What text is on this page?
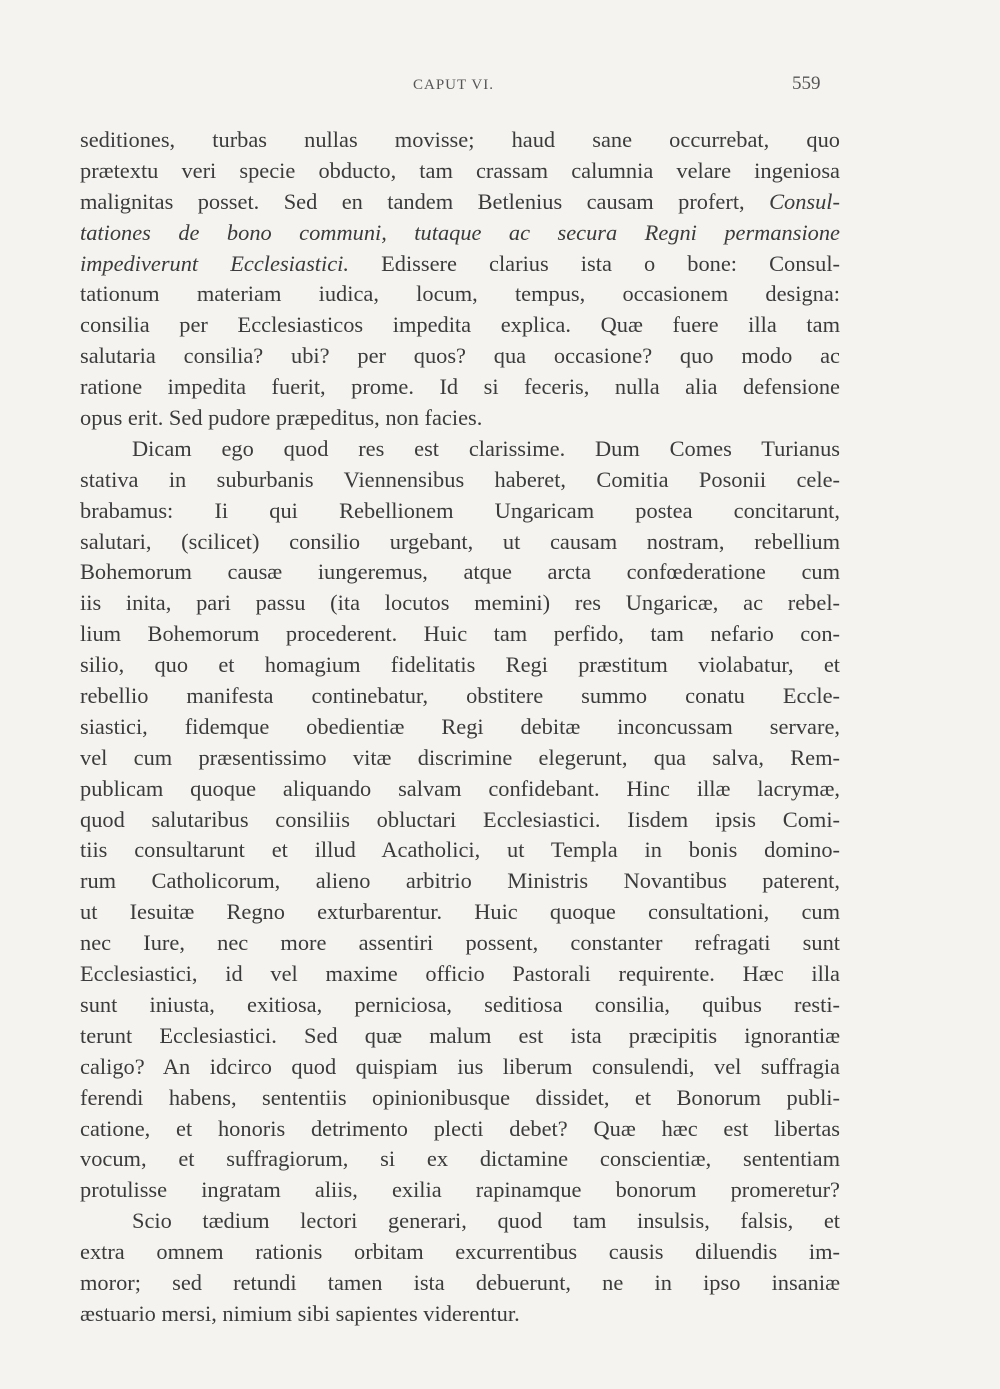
CAPUT VI.	559
seditiones, turbas nullas movisse; haud sane occurrebat, quo
prætextu veri specie obducto, tam crassam calumnia velare ingeniosa
malignitas posset. Sed en tandem Betlenius causam profert, Consul-
tationes de bono communi, tutaque ac secura Regni permansione
impediverunt Ecclesiastici. Edissere clarius ista o bone: Consul-
tationum materiam iudica, locum, tempus, occasionem designa:
consilia per Ecclesiasticos impedita explica. Quæ fuere illa tam
salutaria consilia? ubi? per quos? qua occasione? quo modo ac
ratione impedita fuerit, prome. Id si feceris, nulla alia defensione
opus erit. Sed pudore præpeditus, non facies.
Dicam ego quod res est clarissime. Dum Comes Turianus
stativa in suburbanis Viennensibus haberet, Comitia Posonii cele-
brabamus: Ii qui Rebellionem Ungaricam postea concitarunt,
salutari, (scilicet) consilio urgebant, ut causam nostram, rebellium
Bohemorum causæ iungeremus, atque arcta confœderatione cum
iis inita, pari passu (ita locutos memini) res Ungaricæ, ac rebel-
lium Bohemorum procederent. Huic tam perfido, tam nefario con-
silio, quo et homagium fidelitatis Regi præstitum violabatur, et
rebellio manifesta continebatur, obstitere summo conatu Eccle-
siastici, fidemque obedientiæ Regi debitæ inconcussam servare,
vel cum præsentissimo vitæ discrimine elegerunt, qua salva, Rem-
publicam quoque aliquando salvam confidebant. Hinc illæ lacrymæ,
quod salutaribus consiliis obluctari Ecclesiastici. Iisdem ipsis Comi-
tiis consultarunt et illud Acatholici, ut Templa in bonis domino-
rum Catholicorum, alieno arbitrio Ministris Novantibus paterent,
ut Iesuitæ Regno exturbarentur. Huic quoque consultationi, cum
nec Iure, nec more assentiri possent, constanter refragati sunt
Ecclesiastici, id vel maxime officio Pastorali requirente. Hæc illa
sunt iniusta, exitiosa, perniciosa, seditiosa consilia, quibus resti-
terunt Ecclesiastici. Sed quæ malum est ista præcipitis ignorantiæ
caligo? An idcirco quod quispiam ius liberum consulendi, vel suffragia
ferendi habens, sententiis opinionibusque dissidet, et Bonorum publi-
catione, et honoris detrimento plecti debet? Quæ hæc est libertas
vocum, et suffragiorum, si ex dictamine conscientiæ, sententiam
protulisse ingratam aliis, exilia rapinamque bonorum promeretur?
Scio tædium lectori generari, quod tam insulsis, falsis, et
extra omnem rationis orbitam excurrentibus causis diluendis im-
moror; sed retundi tamen ista debuerunt, ne in ipso insaniæ
æstuario mersi, nimium sibi sapientes viderentur.
